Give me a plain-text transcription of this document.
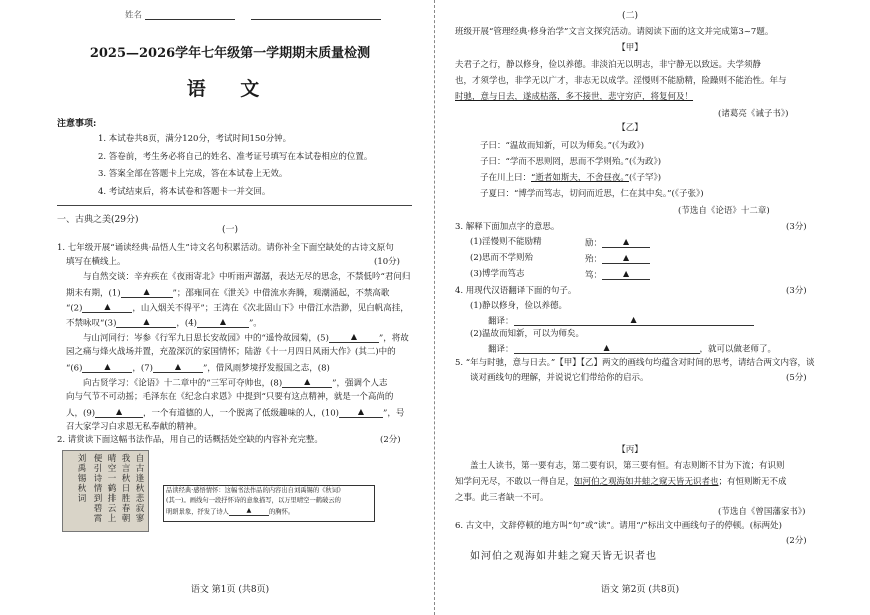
姓名
2025—2026学年七年级第一学期期末质量检测
语 文
注意事项:
1. 本试卷共8页，满分120分，考试时间150分钟。
2. 答卷前，考生务必将自己的姓名、准考证号填写在本试卷相应的位置。
3. 答案全部在答题卡上完成，答在本试卷上无效。
4. 考试结束后，将本试卷和答题卡一并交回。
一、古典之美(29分)
(一)
1. 七年级开展“诵读经典·品悟人生”诗文名句积累活动。请你补全下面空缺处的古诗文原句
填写在横线上。	(10分)
与自然交谈：辛弃疾在《夜雨寄北》中听雨声潺潺，表达无尽的思念，不禁低吟“君问归
期未有期，(1)	▲	”；邵雍同在《泄关》中借流水奔腾，观潮涌起，不禁高歌
“(2)	▲	，山入烟关不得平”；王湾在《次北固山下》中借江水浩渺，见白帆高挂，
不禁咏叹“(3)	▲	，(4)	▲	”。
与山河同行：岑参《行军九日思长安故园》中的“遥怜故园菊，(5)	▲	”，将故
园之痛与烽火战场并置，充盈深沉的家国情怀；陆游《十一月四日风雨大作》(其二)中的
“(6)	▲	，(7)	▲	”，借风雨梦境抒发报国之志，(8)
向古贤学习：《论语》十二章中的“三军可夺帅也，(8)	▲	”，强调个人志
向与气节不可动摇；毛泽东在《纪念白求恩》中提到“只要有这点精神，就是一个高尚的
人，(9)	▲ ，一个有道德的人，一个脱离了低级趣味的人，(10) ▲ ”，号
召大家学习白求恩无私奉献的精神。
2. 请赏读下面这幅书法作品，用自己的话概括处空缺的内容补充完整。	(2分)
自古逢秋悲寂寥
我言秋日胜春朝
晴空一鹤排云上
便引诗情到碧霄
刘禹锡秋词
品读经典·感悟情怀：这幅书法作品的内容出自刘禹锡的《秋词》
(其一)。画线句一段抒怀诗的意象描写，以万里晴空一鹤破云的
明朗景象，抒发了诗人	▲	的胸怀。
语文 第1页 (共8页)
(二)
班级开展“管理经典·修身治学”文言文探究活动。请阅读下面的这文并完成第3~7题。
【甲】
夫君子之行，静以修身，俭以养德。非淡泊无以明志，非宁静无以致远。夫学须静
也，才须学也，非学无以广才，非志无以成学。淫慢则不能励精，险躁则不能治性。年与
时驰，意与日去，遂成枯落，多不接世，悲守穷庐，将复何及！
(诸葛亮《诫子书》)
【乙】
子曰：“温故而知新，可以为师矣。”(《为政》)
子曰：“学而不思则罔，思而不学则殆。”(《为政》)
子在川上曰：“逝者如斯夫，不舍昼夜。”(《子罕》)
子夏曰：“博学而笃志，切问而近思，仁在其中矣。”(《子张》)
(节选自《论语》十二章)
3. 解释下面加点字的意思。	(3分)
(1)淫慢则不能励精	励：	▲
(2)思而不学则殆	殆：	▲
(3)博学而笃志	笃：	▲
4. 用现代汉语翻译下面的句子。	(3分)
(1)静以修身，俭以养德。
翻译：	▲
(2)温故而知新，可以为师矣。
翻译：	▲	，就可以做老师了。
5. “年与时驰，意与日去。”【甲】【乙】两文的画线句均蕴含对时间的思考，请结合两文内容，谈
谈对画线句的理解，并说说它们带给你的启示。	(5分)
【丙】
盖士人读书，第一要有志，第二要有识，第三要有恒。有志则断不甘为下流；有识则
知学问无尽，不敢以一得自足，如河伯之观海如井蛙之窥天皆无识者也；有恒则断无不成
之事。此三者缺一不可。
(节选自《曾国藩家书》)
6. 古文中，文辞停顿的地方叫“句”或“读”。请用“/”标出文中画线句子的停顿。(标两处)
(2分)
如河伯之观海如井蛙之窥天皆无识者也
语文 第2页 (共8页)
